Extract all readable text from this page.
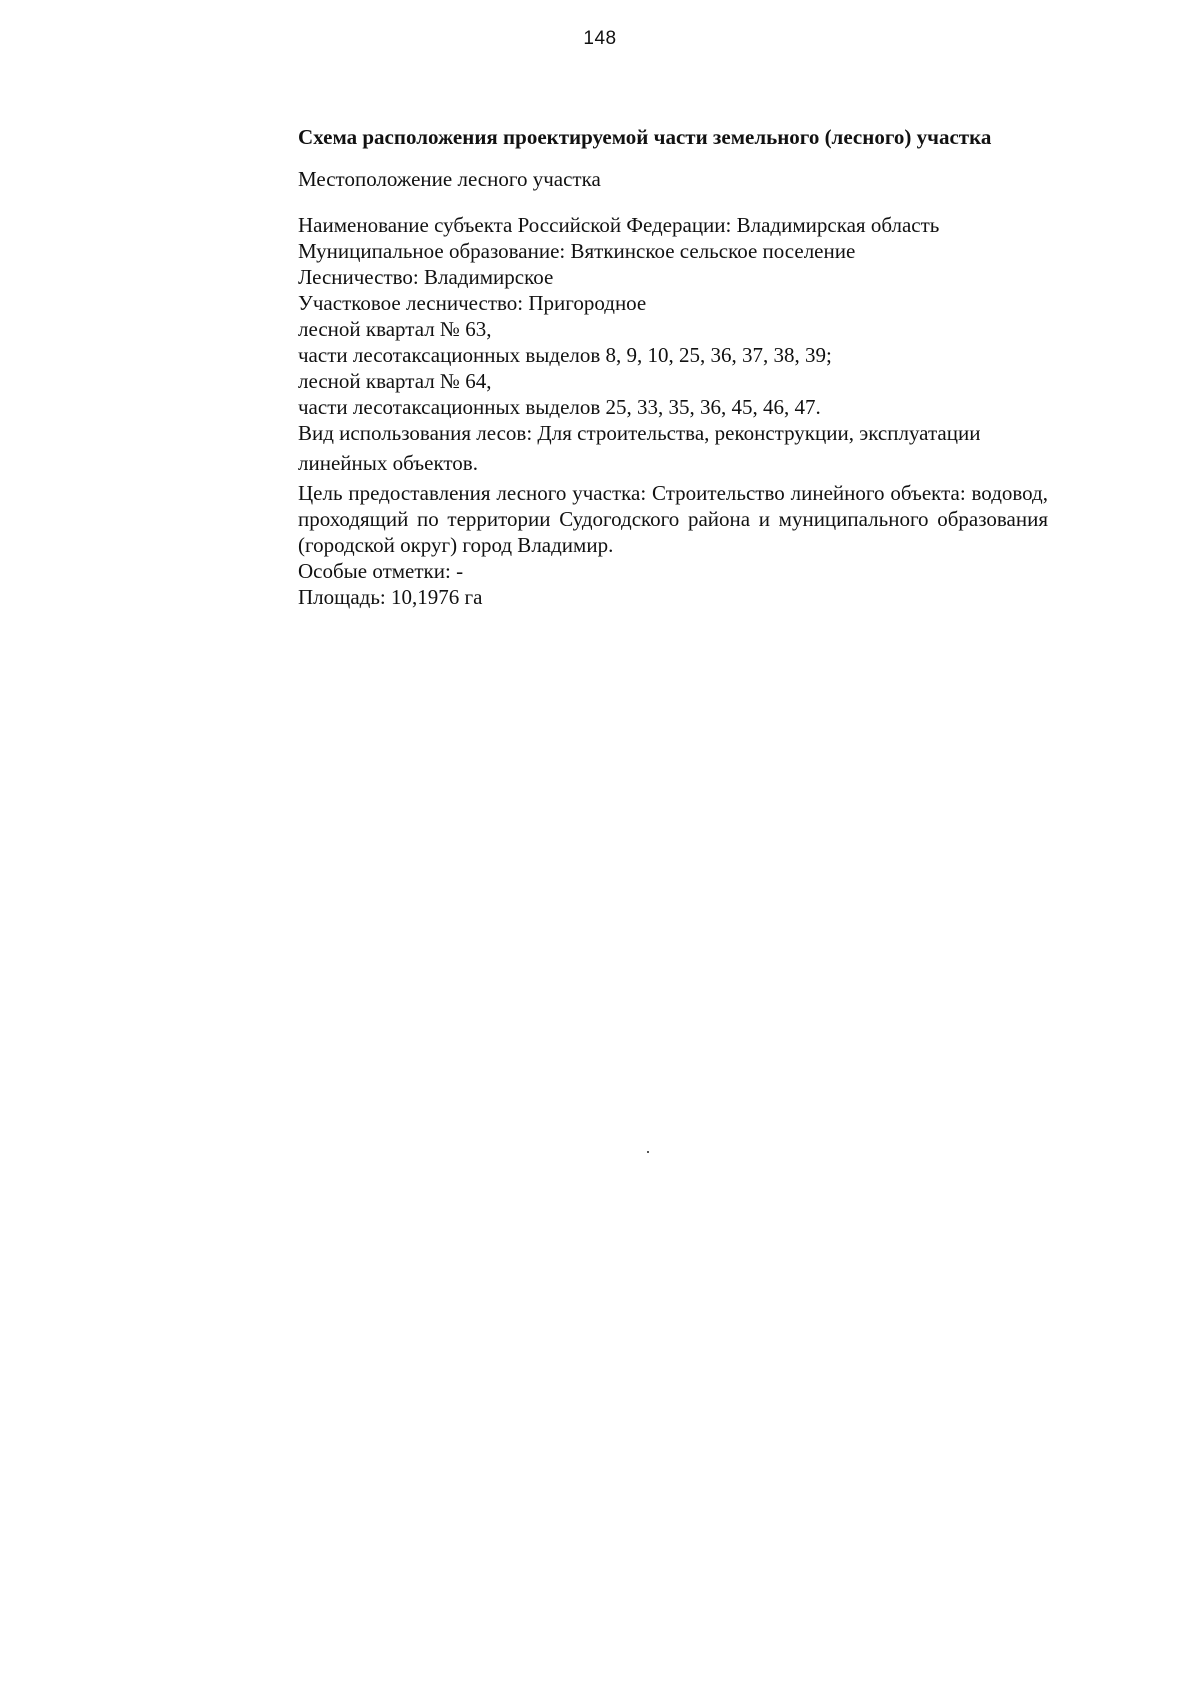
148

Схема расположения проектируемой части земельного (лесного) участка

Местоположение лесного участка

Наименование субъекта Российской Федерации: Владимирская область

Муниципальное образование: Вяткинское сельское поселение

Лесничество: Владимирское

Участковое лесничество: Пригородное

лесной квартал № 63,

части лесотаксационных выделов 8, 9, 10, 25, 36, 37, 38, 39;

лесной квартал № 64,

части лесотаксационных выделов 25, 33, 35, 36, 45, 46, 47.

Вид использования лесов: Для строительства, реконструкции, эксплуатации

линейных объектов.

Цель предоставления лесного участка: Строительство линейного объекта: водовод, проходящий по территории Судогодского района и муниципального образования (городской округ) город Владимир.

Особые отметки: -

Площадь: 10,1976 га
